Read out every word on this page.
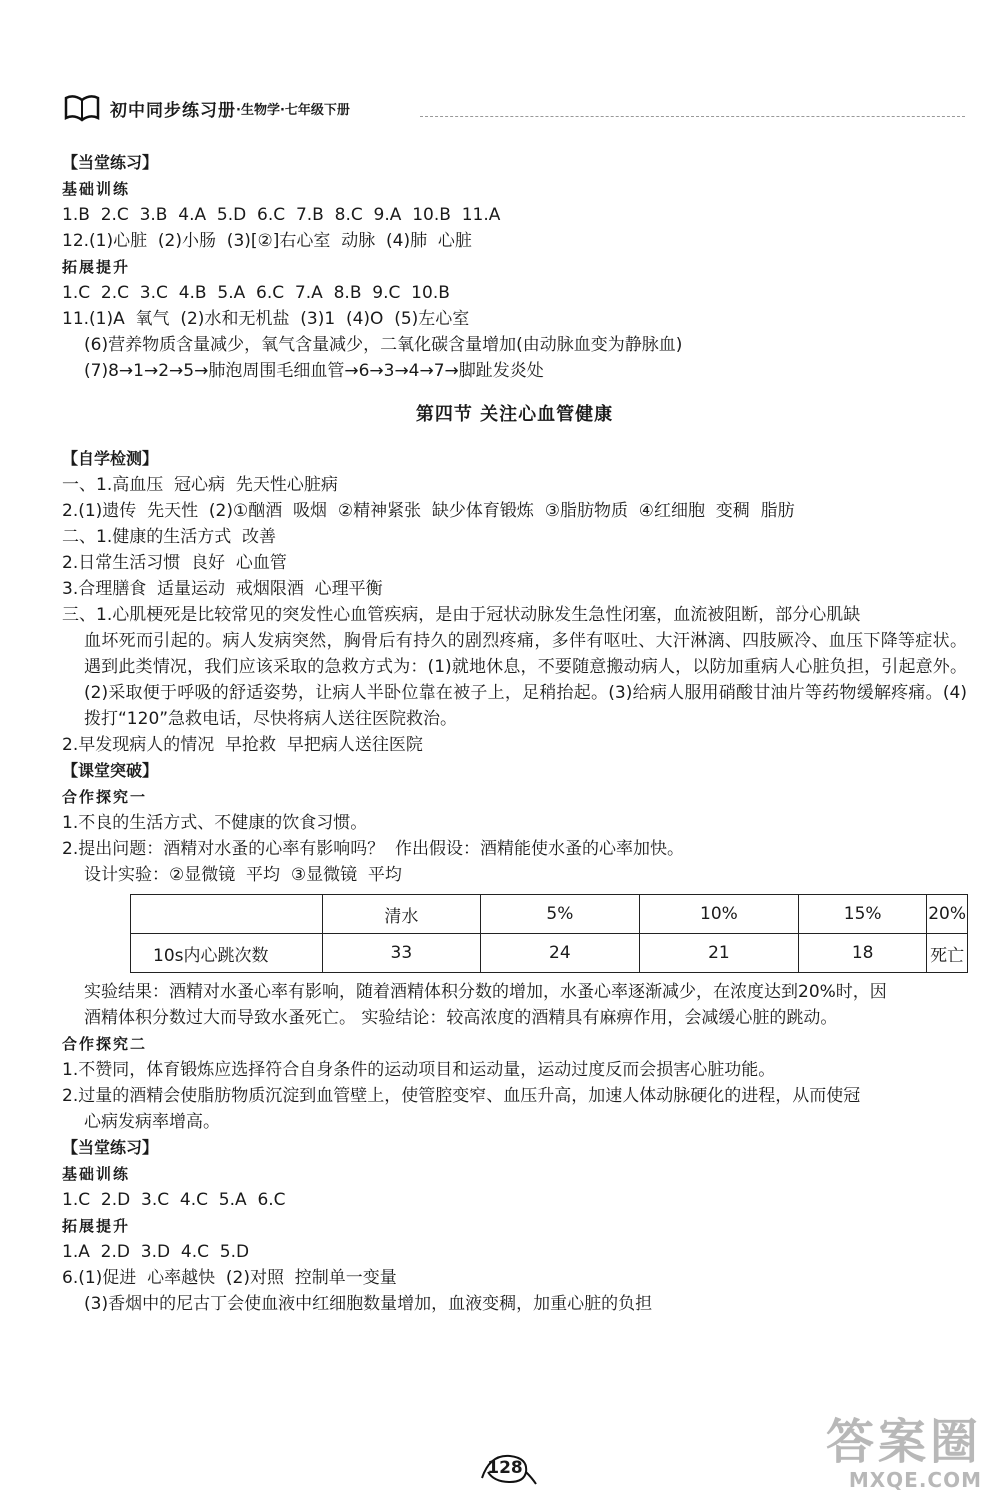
初中同步练习册 ·生物学·七年级下册
【当堂练习】
基础训练
1.B  2.C  3.B  4.A  5.D  6.C  7.B  8.C  9.A  10.B  11.A
12.(1)心脏  (2)小肠  (3)[②]右心室  动脉  (4)肺  心脏
拓展提升
1.C  2.C  3.C  4.B  5.A  6.C  7.A  8.B  9.C  10.B
11.(1)A  氧气  (2)水和无机盐  (3)1  (4)O  (5)左心室
(6)营养物质含量减少，氧气含量减少，二氧化碳含量增加(由动脉血变为静脉血)
(7)8→1→2→5→肺泡周围毛细血管→6→3→4→7→脚趾发炎处
第四节 关注心血管健康
【自学检测】
一、1.高血压  冠心病  先天性心脏病
2.(1)遗传  先天性  (2)①酗酒  吸烟  ②精神紧张  缺少体育锻炼  ③脂肪物质  ④红细胞  变稠  脂肪
二、1.健康的生活方式  改善
2.日常生活习惯  良好  心血管
3.合理膳食  适量运动  戒烟限酒  心理平衡
三、1.心肌梗死是比较常见的突发性心血管疾病，是由于冠状动脉发生急性闭塞，血流被阻断，部分心肌缺
血坏死而引起的。病人发病突然，胸骨后有持久的剧烈疼痛，多伴有呕吐、大汗淋漓、四肢厥冷、血压下降等症状。遇到此类情况，我们应该采取的急救方式为：(1)就地休息，不要随意搬动病人，以防加重病人心脏负担，引起意外。(2)采取便于呼吸的舒适姿势，让病人半卧位靠在被子上，足稍抬起。(3)给病人服用硝酸甘油片等药物缓解疼痛。(4)拨打“120”急救电话，尽快将病人送往医院救治。
2.早发现病人的情况  早抢救  早把病人送往医院
【课堂突破】
合作探究一
1.不良的生活方式、不健康的饮食习惯。
2.提出问题：酒精对水蚤的心率有影响吗？  作出假设：酒精能使水蚤的心率加快。
设计实验：②显微镜  平均  ③显微镜  平均
	清水	5%	10%	15%	20%
10s内心跳次数	33	24	21	18	死亡
实验结果：酒精对水蚤心率有影响，随着酒精体积分数的增加，水蚤心率逐渐减少，在浓度达到20%时，因
酒精体积分数过大而导致水蚤死亡。 实验结论：较高浓度的酒精具有麻痹作用，会减缓心脏的跳动。
合作探究二
1.不赞同，体育锻炼应选择符合自身条件的运动项目和运动量，运动过度反而会损害心脏功能。
2.过量的酒精会使脂肪物质沉淀到血管壁上，使管腔变窄、血压升高，加速人体动脉硬化的进程，从而使冠
心病发病率增高。
【当堂练习】
基础训练
1.C  2.D  3.C  4.C  5.A  6.C
拓展提升
1.A  2.D  3.D  4.C  5.D
6.(1)促进  心率越快  (2)对照  控制单一变量
(3)香烟中的尼古丁会使血液中红细胞数量增加，血液变稠，加重心脏的负担
128	答案圈
MXQE.COM
